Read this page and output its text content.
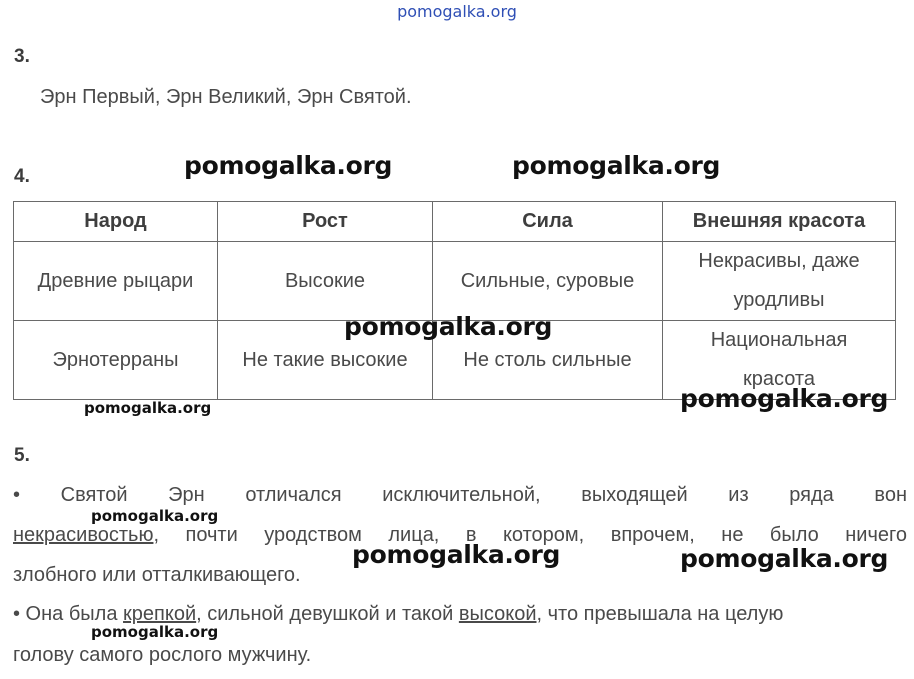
pomogalka.org
3.
Эрн Первый, Эрн Великий, Эрн Святой.
4.
Народ	Рост	Сила	Внешняя красота
Древние рыцари	Высокие	Сильные, суровые	Некрасивы, даже уродливы
Эрнотерраны	Не такие высокие	Не столь сильные	Национальная красота
5.
• Святой Эрн отличался исключительной, выходящей из ряда вон
некрасивостью, почти уродством лица, в котором, впрочем, не было ничего
злобного или отталкивающего.
• Она была крепкой, сильной девушкой и такой высокой, что превышала на целую
голову самого рослого мужчину.
pomogalka.org	pomogalka.org
pomogalka.org
pomogalka.org	pomogalka.org
pomogalka.org
pomogalka.org	pomogalka.org
pomogalka.org
